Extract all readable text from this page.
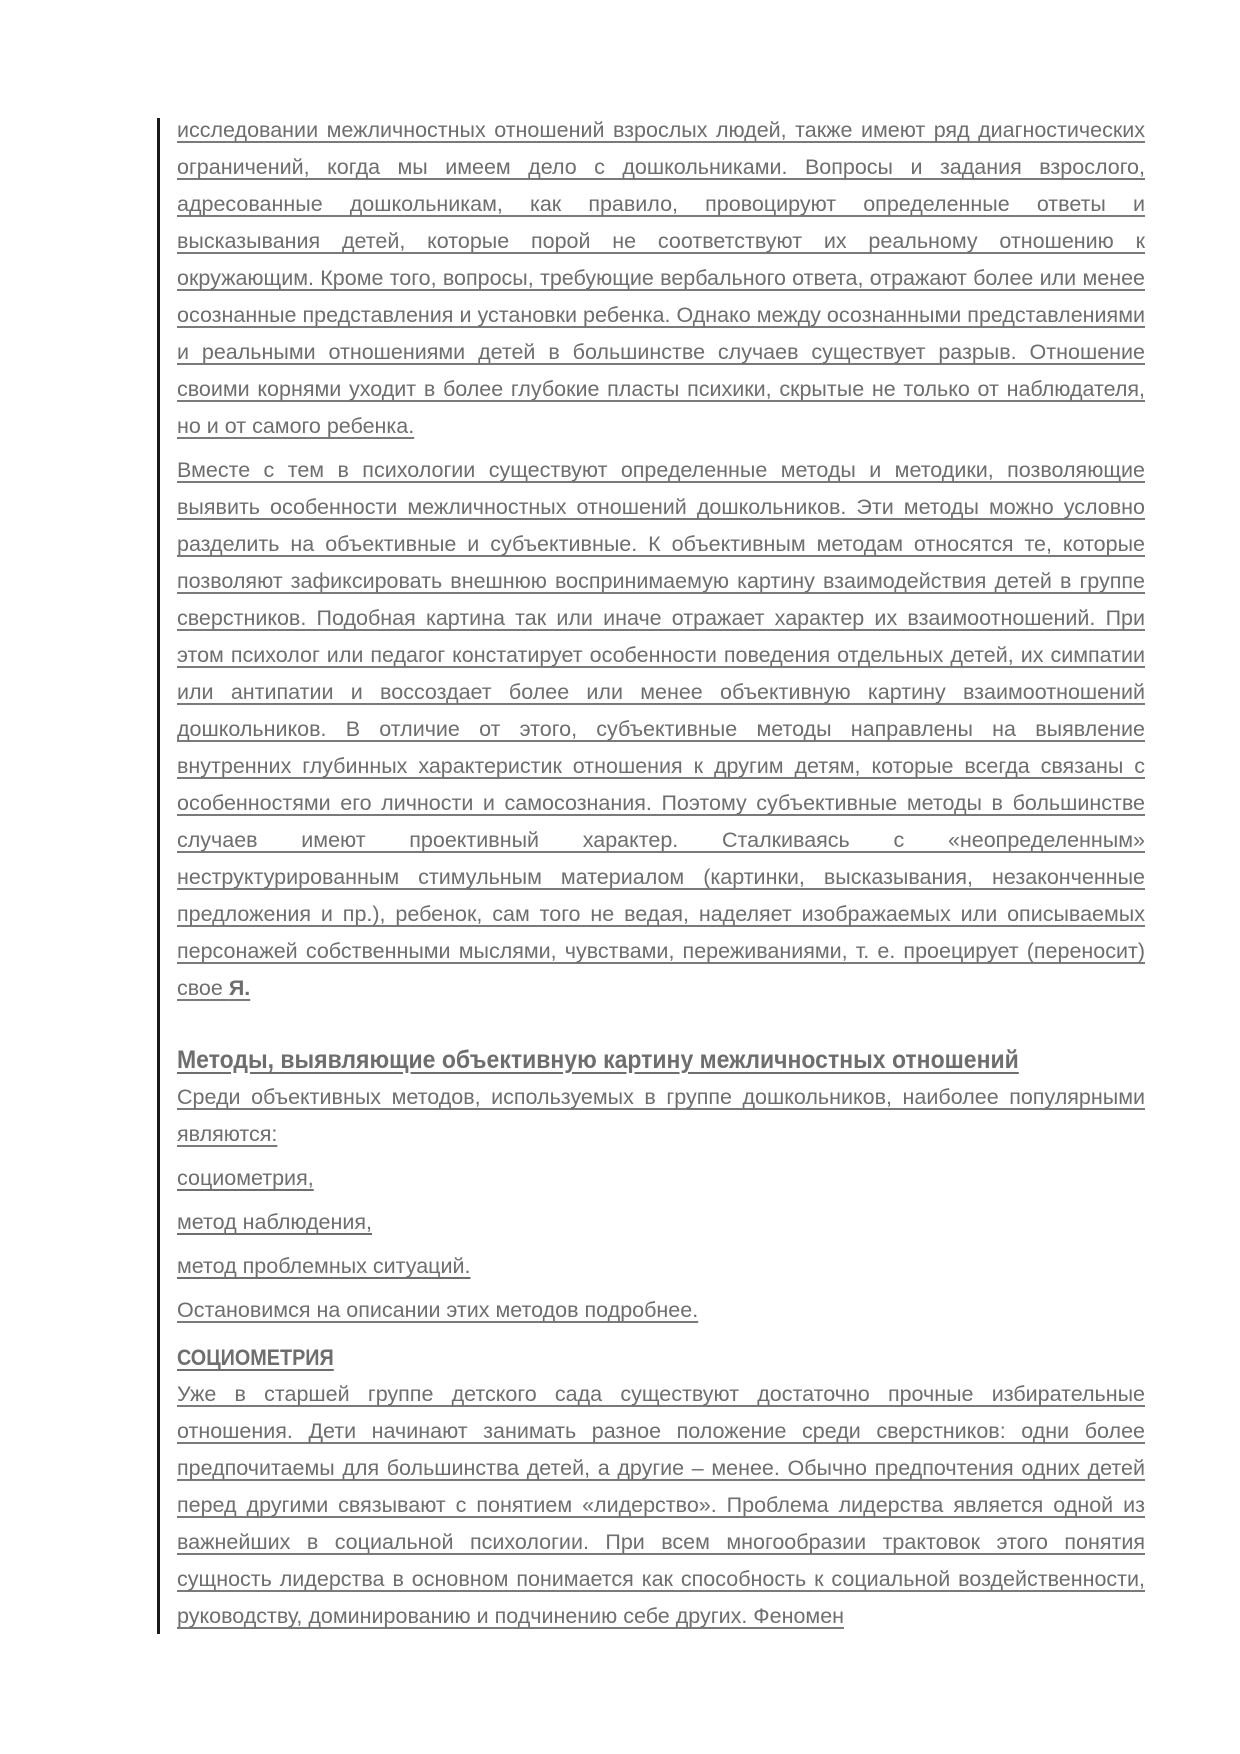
исследовании межличностных отношений взрослых людей, также имеют ряд диагностических ограничений, когда мы имеем дело с дошкольниками. Вопросы и задания взрослого, адресованные дошкольникам, как правило, провоцируют определенные ответы и высказывания детей, которые порой не соответствуют их реальному отношению к окружающим. Кроме того, вопросы, требующие вербального ответа, отражают более или менее осознанные представления и установки ребенка. Однако между осознанными представлениями и реальными отношениями детей в большинстве случаев существует разрыв. Отношение своими корнями уходит в более глубокие пласты психики, скрытые не только от наблюдателя, но и от самого ребенка.

Вместе с тем в психологии существуют определенные методы и методики, позволяющие выявить особенности межличностных отношений дошкольников. Эти методы можно условно разделить на объективные и субъективные. К объективным методам относятся те, которые позволяют зафиксировать внешнюю воспринимаемую картину взаимодействия детей в группе сверстников. Подобная картина так или иначе отражает характер их взаимоотношений. При этом психолог или педагог констатирует особенности поведения отдельных детей, их симпатии или антипатии и воссоздает более или менее объективную картину взаимоотношений дошкольников. В отличие от этого, субъективные методы направлены на выявление внутренних глубинных характеристик отношения к другим детям, которые всегда связаны с особенностями его личности и самосознания. Поэтому субъективные методы в большинстве случаев имеют проективный характер. Сталкиваясь с «неопределенным» неструктурированным стимульным материалом (картинки, высказывания, незаконченные предложения и пр.), ребенок, сам того не ведая, наделяет изображаемых или описываемых персонажей собственными мыслями, чувствами, переживаниями, т. е. проецирует (переносит) свое Я.

Методы, выявляющие объективную картину межличностных отношений

Среди объективных методов, используемых в группе дошкольников, наиболее популярными являются:

социометрия,
метод наблюдения,
метод проблемных ситуаций.

Остановимся на описании этих методов подробнее.

СОЦИОМЕТРИЯ

Уже в старшей группе детского сада существуют достаточно прочные избирательные отношения. Дети начинают занимать разное положение среди сверстников: одни более предпочитаемы для большинства детей, а другие – менее. Обычно предпочтения одних детей перед другими связывают с понятием «лидерство». Проблема лидерства является одной из важнейших в социальной психологии. При всем многообразии трактовок этого понятия сущность лидерства в основном понимается как способность к социальной воздейственности, руководству, доминированию и подчинению себе других. Феномен
